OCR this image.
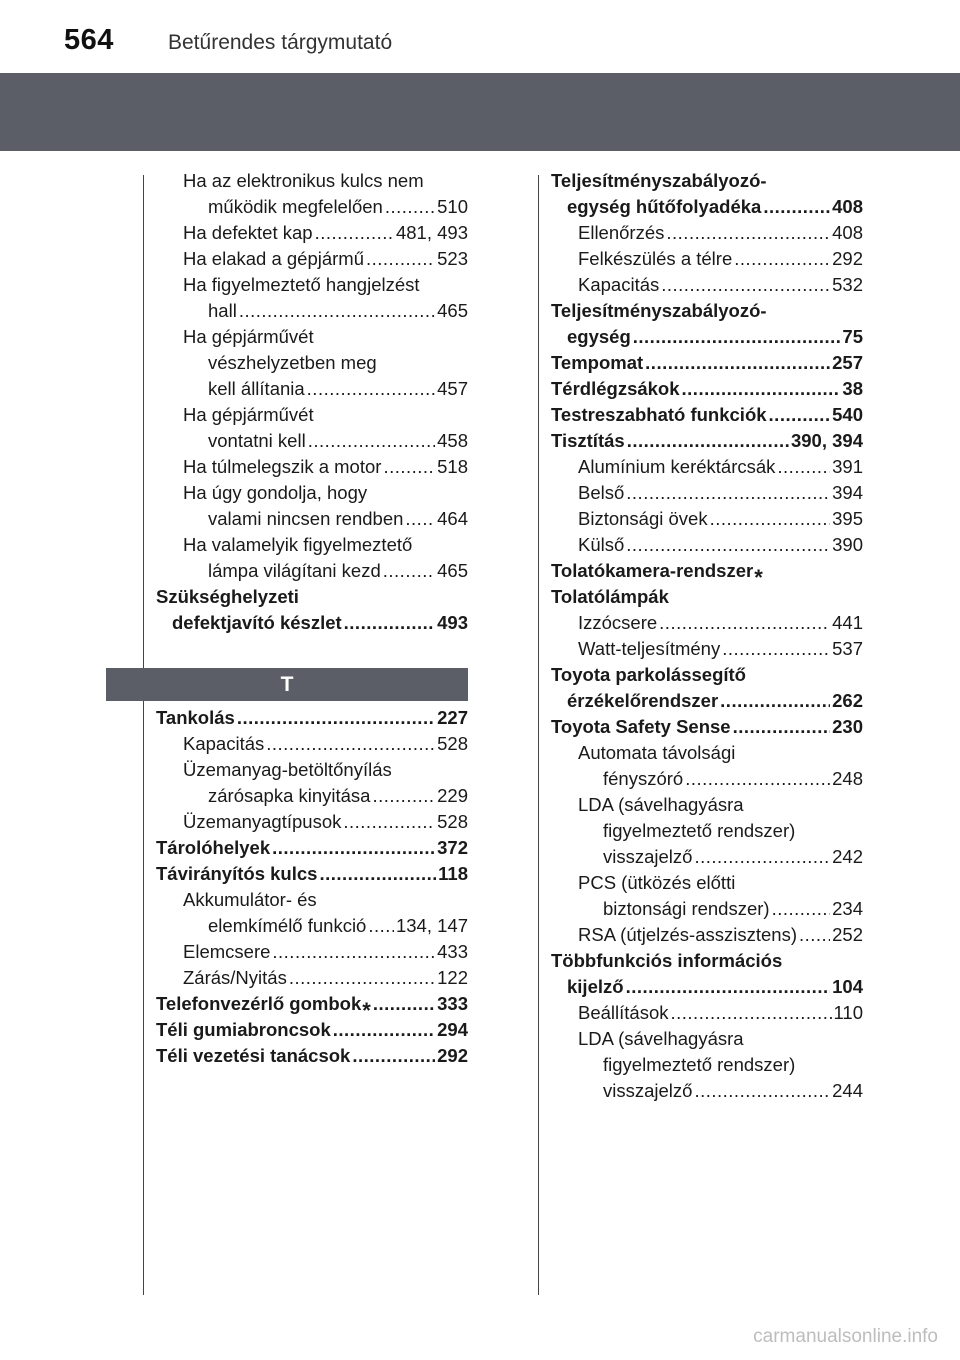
564	Betűrendes tárgymutató
Ha az elektronikus kulcs nem
működik megfelelően .....	510
Ha defektet kap .....	481, 493
Ha elakad a gépjármű .....	523
Ha figyelmeztető hangjelzést
hall .....	465
Ha gépjárművét
vészhelyzetben meg
kell állítania .....	457
Ha gépjárművét
vontatni kell .....	458
Ha túlmelegszik a motor .....	518
Ha úgy gondolja, hogy
valami nincsen rendben ..... 464
Ha valamelyik figyelmeztető
lámpa világítani kezd .....	465
Szükséghelyzeti
defektjavító készlet .....	493
T
Tankolás .....	227
Kapacitás .....	528
Üzemanyag-betöltőnyílás
zárósapka kinyitása .....	229
Üzemanyagtípusok .....	528
Tárolóhelyek .....	372
Távirányítós kulcs .....	118
Akkumulátor- és
elemkímélő funkció ..... 134, 147
Elemcsere .....	433
Zárás/Nyitás .....	122
Telefonvezérlő gombok * .....	333
Téli gumiabroncsok .....	294
Téli vezetési tanácsok .....	292
Teljesítményszabályozó-
egység hűtőfolyadéka .....	408
Ellenőrzés .....	408
Felkészülés a télre .....	292
Kapacitás .....	532
Teljesítményszabályozó-
egység .....	75
Tempomat .....	257
Térdlégzsákok .....	38
Testreszabható funkciók .....	540
Tisztítás .....	390, 394
Alumínium keréktárcsák .....	391
Belső .....	394
Biztonsági övek .....	395
Külső .....	390
Tolatókamera-rendszer *
Tolatólámpák
Izzócsere .....	441
Watt-teljesítmény .....	537
Toyota parkolássegítő
érzékelőrendszer .....	262
Toyota Safety Sense .....	230
Automata távolsági
fényszóró .....	248
LDA (sávelhagyásra
figyelmeztető rendszer)
visszajelző .....	242
PCS (ütközés előtti
biztonsági rendszer) .....	234
RSA (útjelzés-asszisztens) ..... 252
Többfunkciós információs
kijelző .....	104
Beállítások .....	110
LDA (sávelhagyásra
figyelmeztető rendszer)
visszajelző .....	244
carmanualsonline.info
